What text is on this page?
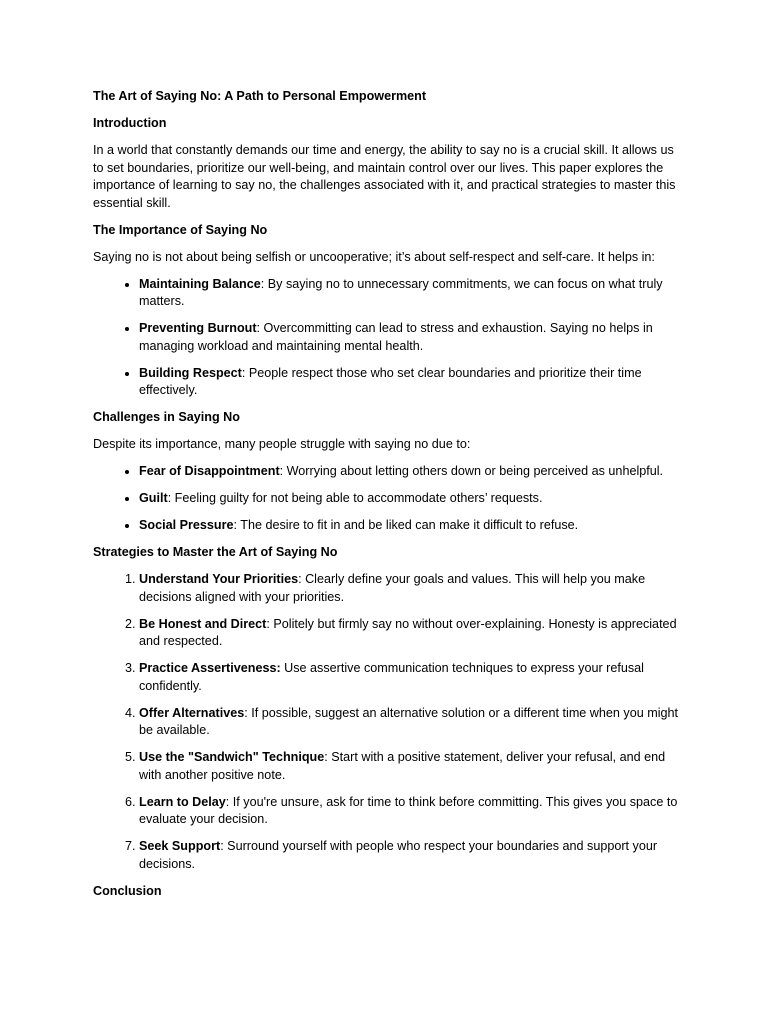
The Art of Saying No: A Path to Personal Empowerment

Introduction

In a world that constantly demands our time and energy, the ability to say no is a crucial skill. It allows us to set boundaries, prioritize our well-being, and maintain control over our lives. This paper explores the importance of learning to say no, the challenges associated with it, and practical strategies to master this essential skill.

The Importance of Saying No

Saying no is not about being selfish or uncooperative; it’s about self-respect and self-care. It helps in:

• Maintaining Balance: By saying no to unnecessary commitments, we can focus on what truly matters.
• Preventing Burnout: Overcommitting can lead to stress and exhaustion. Saying no helps in managing workload and maintaining mental health.
• Building Respect: People respect those who set clear boundaries and prioritize their time effectively.

Challenges in Saying No

Despite its importance, many people struggle with saying no due to:

• Fear of Disappointment: Worrying about letting others down or being perceived as unhelpful.
• Guilt: Feeling guilty for not being able to accommodate others’ requests.
• Social Pressure: The desire to fit in and be liked can make it difficult to refuse.

Strategies to Master the Art of Saying No

1. Understand Your Priorities: Clearly define your goals and values. This will help you make decisions aligned with your priorities.
2. Be Honest and Direct: Politely but firmly say no without over-explaining. Honesty is appreciated and respected.
3. Practice Assertiveness: Use assertive communication techniques to express your refusal confidently.
4. Offer Alternatives: If possible, suggest an alternative solution or a different time when you might be available.
5. Use the "Sandwich" Technique: Start with a positive statement, deliver your refusal, and end with another positive note.
6. Learn to Delay: If you're unsure, ask for time to think before committing. This gives you space to evaluate your decision.
7. Seek Support: Surround yourself with people who respect your boundaries and support your decisions.

Conclusion
